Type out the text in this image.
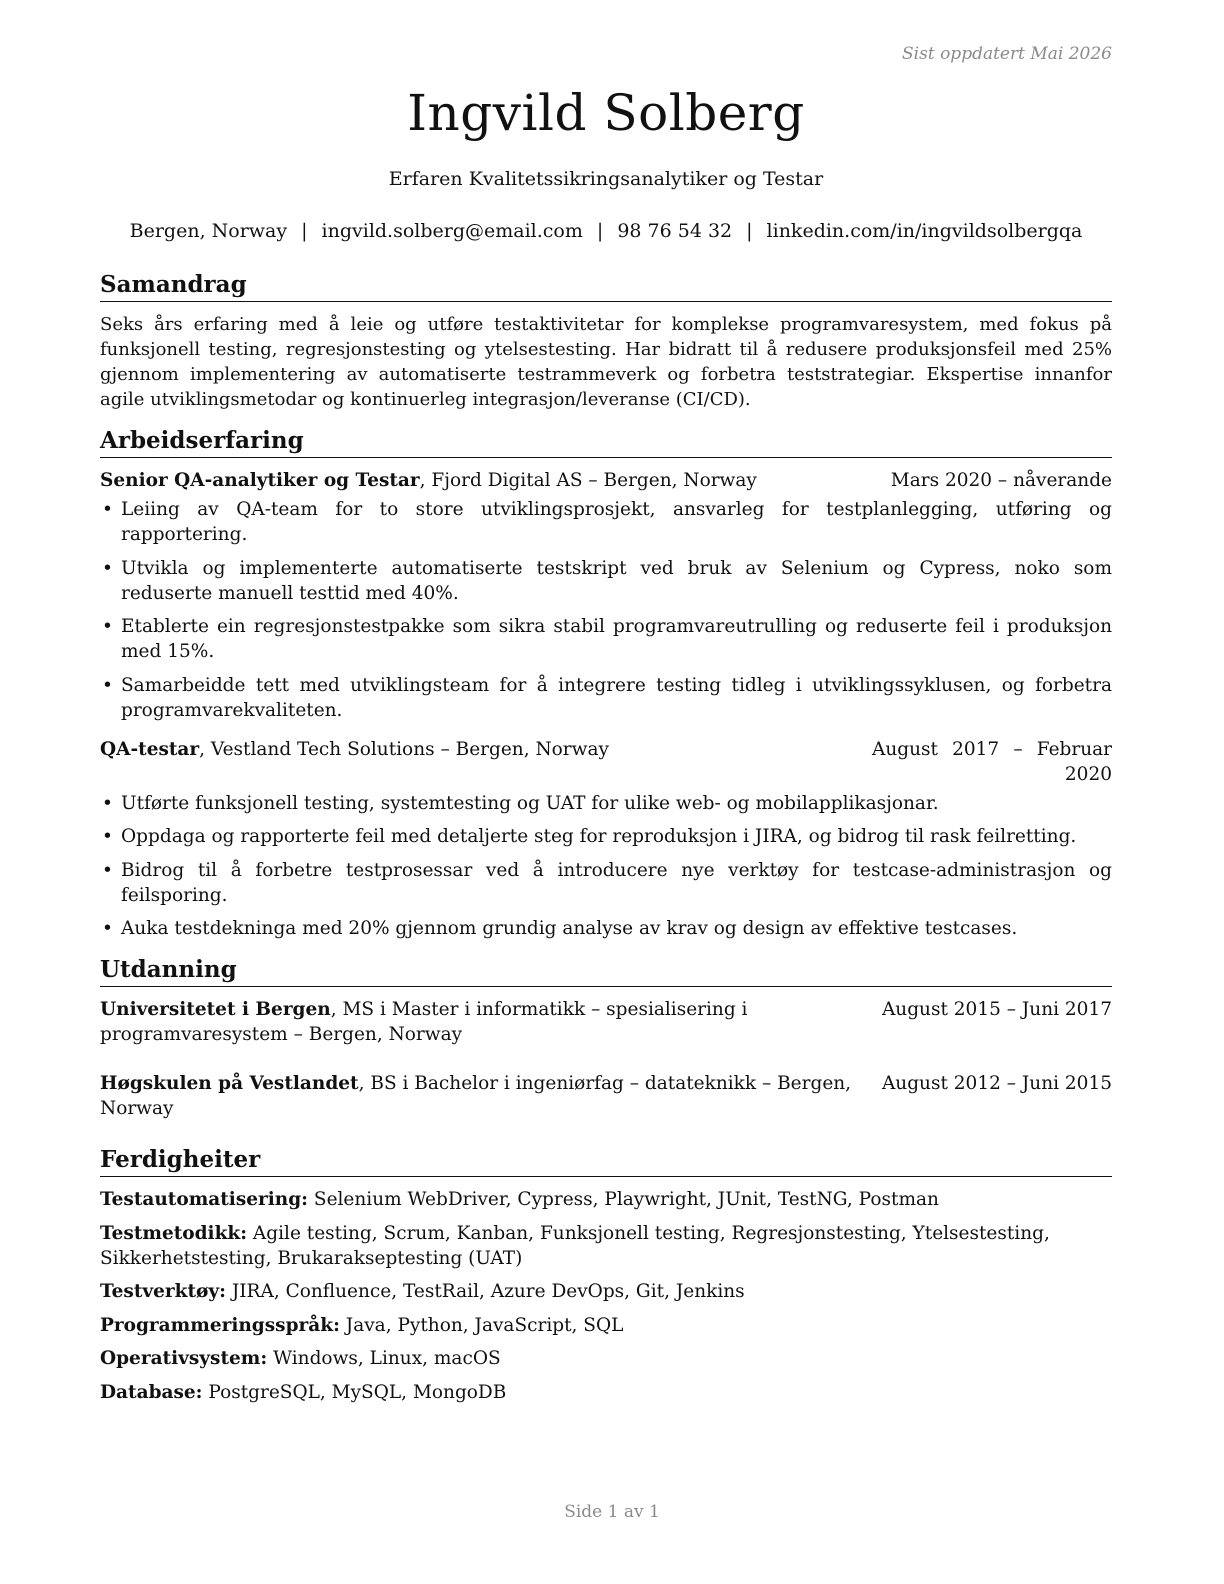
Sist oppdatert Mai 2026
Ingvild Solberg
Erfaren Kvalitetssikringsanalytiker og Testar
Bergen, Norway | ingvild.solberg@email.com | 98 76 54 32 | linkedin.com/in/ingvildsolbergqa
Samandrag

Seks års erfaring med å leie og utføre testaktivitetar for komplekse programvaresystem, med fokus på funksjonell testing, regresjonstesting og ytelsestesting. Har bidratt til å redusere produksjonsfeil med 25% gjennom implementering av automatiserte testrammeverk og forbetra teststrategiar. Ekspertise innanfor agile utviklingsmetodar og kontinuerleg integrasjon/leveranse (CI/CD).

Arbeidserfaring
Senior QA-analytiker og Testar, Fjord Digital AS – Bergen, Norway	Mars 2020 – nåverande
• Leiing av QA-team for to store utviklingsprosjekt, ansvarleg for testplanlegging, utføring og rapportering.
• Utvikla og implementerte automatiserte testskript ved bruk av Selenium og Cypress, noko som reduserte manuell testtid med 40%.
• Etablerte ein regresjonstestpakke som sikra stabil programvareutrulling og reduserte feil i produksjon med 15%.
• Samarbeidde tett med utviklingsteam for å integrere testing tidleg i utviklingssyklusen, og forbetra programvarekvaliteten.
QA-testar, Vestland Tech Solutions – Bergen, Norway	August 2017 – Februar 2020
• Utførte funksjonell testing, systemtesting og UAT for ulike web- og mobilapplikasjonar.
• Oppdaga og rapporterte feil med detaljerte steg for reproduksjon i JIRA, og bidrog til rask feilretting.
• Bidrog til å forbetre testprosessar ved å introducere nye verktøy for testcase-administrasjon og feilsporing.
• Auka testdekninga med 20% gjennom grundig analyse av krav og design av effektive testcases.
Utdanning
Universitetet i Bergen, MS i Master i informatikk – spesialisering i programvaresystem – Bergen, Norway
August 2015 – Juni 2017
Høgskulen på Vestlandet, BS i Bachelor i ingeniørfag – datateknikk – Bergen, Norway
August 2012 – Juni 2015
Ferdigheiter
Testautomatisering: Selenium WebDriver, Cypress, Playwright, JUnit, TestNG, Postman
Testmetodikk: Agile testing, Scrum, Kanban, Funksjonell testing, Regresjonstesting, Ytelsestesting, Sikkerhetstesting, Brukarakseptesting (UAT)
Testverktøy: JIRA, Confluence, TestRail, Azure DevOps, Git, Jenkins
Programmeringsspråk: Java, Python, JavaScript, SQL
Operativsystem: Windows, Linux, macOS
Database: PostgreSQL, MySQL, MongoDB
Side 1 av 1
